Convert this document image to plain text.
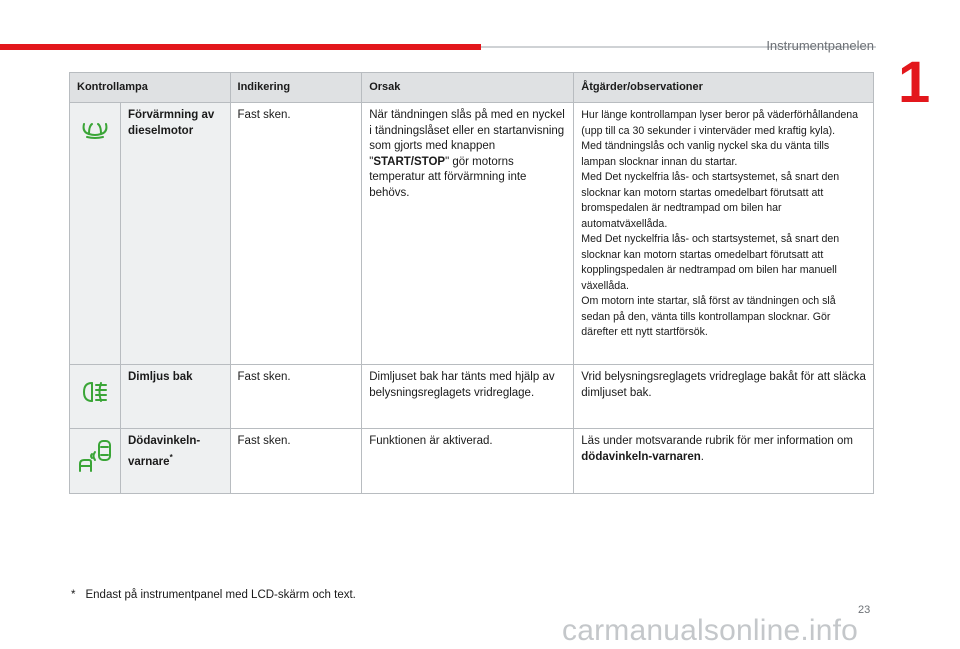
Instrumentpanelen
1
Kontrollampa		Indikering	Orsak	Åtgärder/observationer

	Förvärmning av dieselmotor	Fast sken.	När tändningen slås på med en nyckel i tändningslåset eller en startanvisning som gjorts med knappen "START/STOP" gör motorns temperatur att förvärmning inte behövs.	Hur länge kontrollampan lyser beror på väderförhållandena (upp till ca 30 sekunder i vinterväder med kraftig kyla).
Med tändningslås och vanlig nyckel ska du vänta tills lampan slocknar innan du startar.
Med Det nyckelfria lås- och startsystemet, så snart den slocknar kan motorn startas omedelbart förutsatt att bromspedalen är nedtrampad om bilen har automatväxellåda.
Med Det nyckelfria lås- och startsystemet, så snart den slocknar kan motorn startas omedelbart förutsatt att kopplingspedalen är nedtrampad om bilen har manuell växellåda.
Om motorn inte startar, slå först av tändningen och slå sedan på den, vänta tills kontrollampan slocknar. Gör därefter ett nytt startförsök.

	Dimljus bak	Fast sken.	Dimljuset bak har tänts med hjälp av belysningsreglagets vridreglage.	Vrid belysningsreglagets vridreglage bakåt för att släcka dimljuset bak.

	Dödavinkeln-
varnare*	Fast sken.	Funktionen är aktiverad.	Läs under motsvarande rubrik för mer information om dödavinkeln-varnaren.
* Endast på instrumentpanel med LCD-skärm och text.
23
carmanualsonline.info
